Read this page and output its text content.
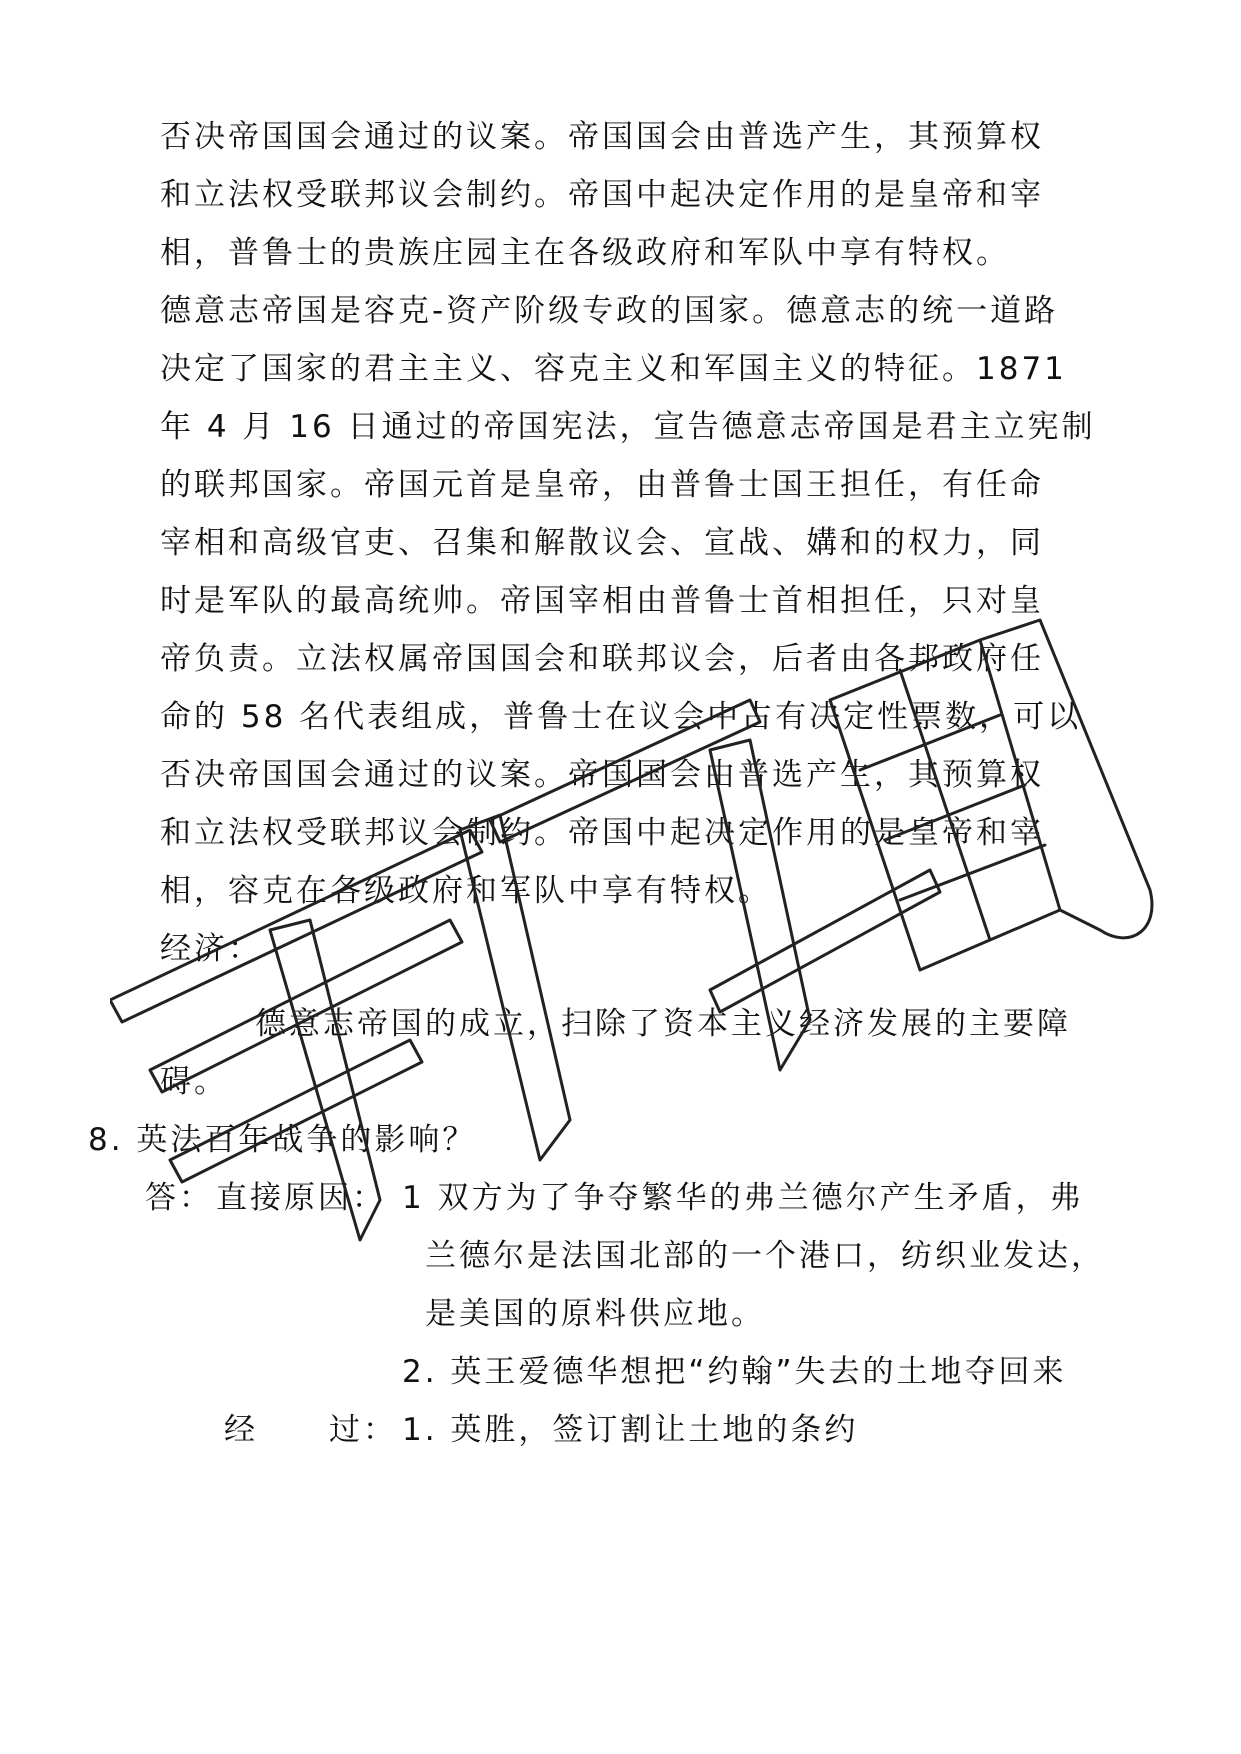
否决帝国国会通过的议案。帝国国会由普选产生，其预算权
和立法权受联邦议会制约。帝国中起决定作用的是皇帝和宰
相，普鲁士的贵族庄园主在各级政府和军队中享有特权。
德意志帝国是容克-资产阶级专政的国家。德意志的统一道路
决定了国家的君主主义、容克主义和军国主义的特征。1871
年 4 月 16 日通过的帝国宪法，宣告德意志帝国是君主立宪制
的联邦国家。帝国元首是皇帝，由普鲁士国王担任，有任命
宰相和高级官吏、召集和解散议会、宣战、媾和的权力，同
时是军队的最高统帅。帝国宰相由普鲁士首相担任，只对皇
帝负责。立法权属帝国国会和联邦议会，后者由各邦政府任
命的 58 名代表组成，普鲁士在议会中占有决定性票数，可以
否决帝国国会通过的议案。帝国国会由普选产生，其预算权
和立法权受联邦议会制约。帝国中起决定作用的是皇帝和宰
相，容克在各级政府和军队中享有特权。
经济：
德意志帝国的成立，扫除了资本主义经济发展的主要障
碍。
8. 英法百年战争的影响？
答： 直接原因： 1 双方为了争夺繁华的弗兰德尔产生矛盾，弗
兰德尔是法国北部的一个港口，纺织业发达，
是美国的原料供应地。
2. 英王爱德华想把“约翰”失去的土地夺回来
经 过： 1. 英胜，签订割让土地的条约
